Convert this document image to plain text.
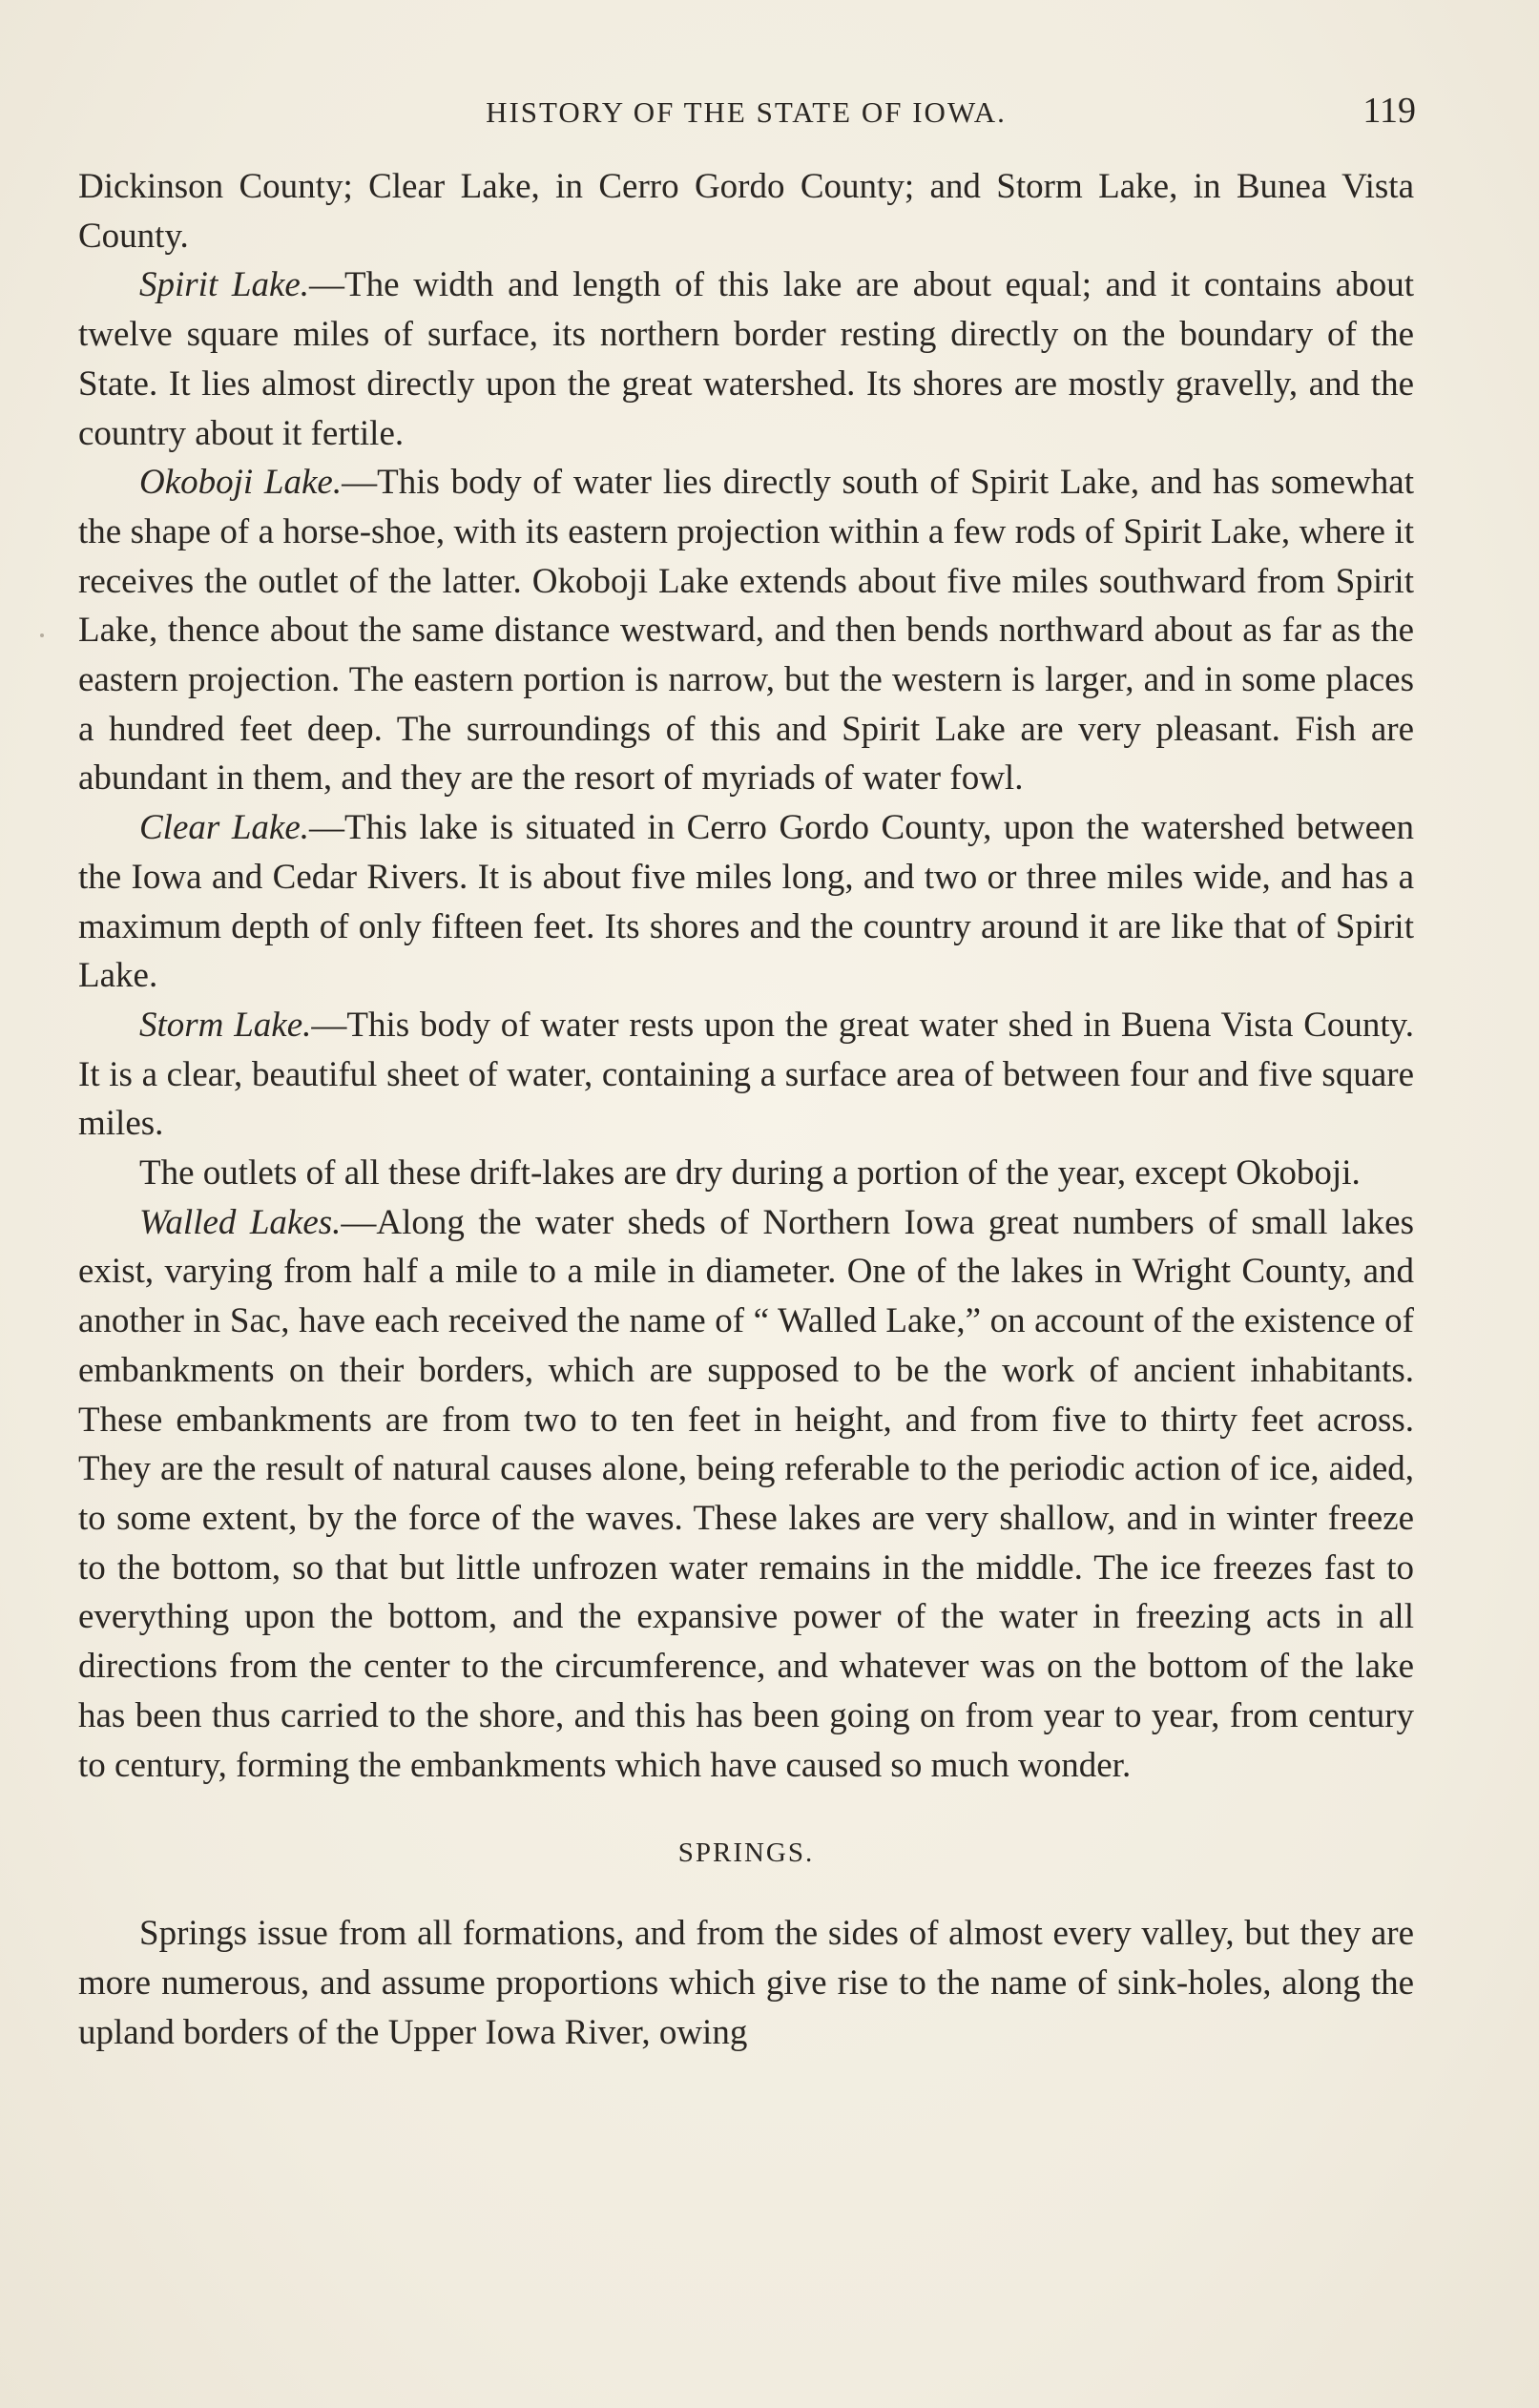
HISTORY OF THE STATE OF IOWA.	119

Dickinson County; Clear Lake, in Cerro Gordo County; and Storm Lake, in Bunea Vista County.

Spirit Lake.—The width and length of this lake are about equal; and it contains about twelve square miles of surface, its northern border resting directly on the boundary of the State. It lies almost directly upon the great watershed. Its shores are mostly gravelly, and the country about it fertile.

Okoboji Lake.—This body of water lies directly south of Spirit Lake, and has somewhat the shape of a horse-shoe, with its eastern projection within a few rods of Spirit Lake, where it receives the outlet of the latter. Okoboji Lake extends about five miles southward from Spirit Lake, thence about the same distance westward, and then bends northward about as far as the eastern projection. The eastern portion is narrow, but the western is larger, and in some places a hundred feet deep. The surroundings of this and Spirit Lake are very pleasant. Fish are abundant in them, and they are the resort of myriads of water fowl.

Clear Lake.—This lake is situated in Cerro Gordo County, upon the watershed between the Iowa and Cedar Rivers. It is about five miles long, and two or three miles wide, and has a maximum depth of only fifteen feet. Its shores and the country around it are like that of Spirit Lake.

Storm Lake.—This body of water rests upon the great water shed in Buena Vista County. It is a clear, beautiful sheet of water, containing a surface area of between four and five square miles.

The outlets of all these drift-lakes are dry during a portion of the year, except Okoboji.

Walled Lakes.—Along the water sheds of Northern Iowa great numbers of small lakes exist, varying from half a mile to a mile in diameter. One of the lakes in Wright County, and another in Sac, have each received the name of “ Walled Lake,” on account of the existence of embankments on their borders, which are supposed to be the work of ancient inhabitants. These embankments are from two to ten feet in height, and from five to thirty feet across. They are the result of natural causes alone, being referable to the periodic action of ice, aided, to some extent, by the force of the waves. These lakes are very shallow, and in winter freeze to the bottom, so that but little unfrozen water remains in the middle. The ice freezes fast to everything upon the bottom, and the expansive power of the water in freezing acts in all directions from the center to the circumference, and whatever was on the bottom of the lake has been thus carried to the shore, and this has been going on from year to year, from century to century, forming the embankments which have caused so much wonder.

SPRINGS.

Springs issue from all formations, and from the sides of almost every valley, but they are more numerous, and assume proportions which give rise to the name of sink-holes, along the upland borders of the Upper Iowa River, owing
